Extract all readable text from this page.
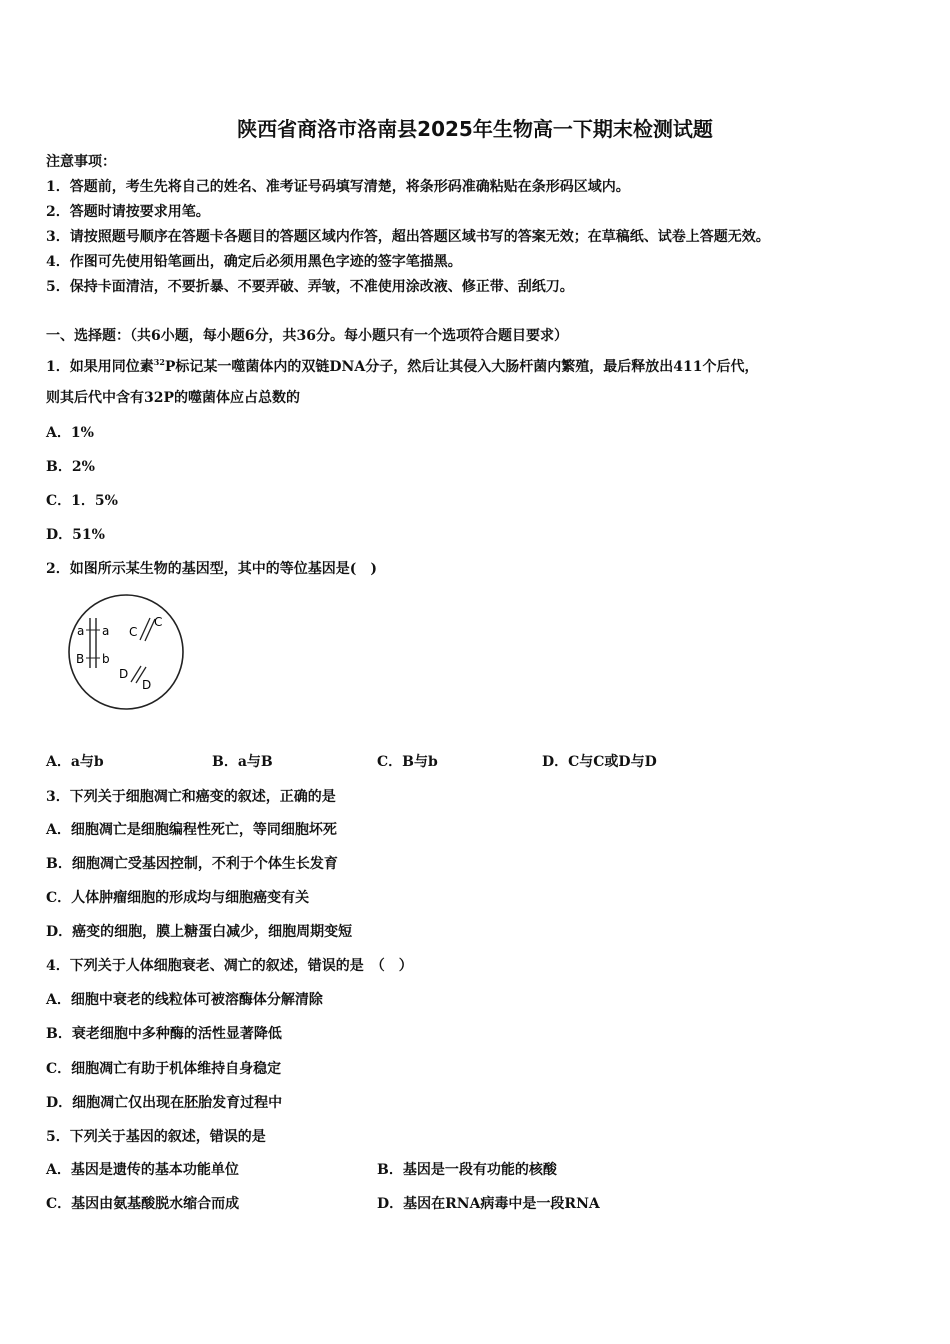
陕西省商洛市洛南县2025年生物高一下期末检测试题
注意事项：
1．答题前，考生先将自己的姓名、准考证号码填写清楚，将条形码准确粘贴在条形码区域内。
2．答题时请按要求用笔。
3．请按照题号顺序在答题卡各题目的答题区域内作答，超出答题区域书写的答案无效；在草稿纸、试卷上答题无效。
4．作图可先使用铅笔画出，确定后必须用黑色字迹的签字笔描黑。
5．保持卡面清洁，不要折暴、不要弄破、弄皱，不准使用涂改液、修正带、刮纸刀。
一、选择题：（共6小题，每小题6分，共36分。每小题只有一个选项符合题目要求）
1．如果用同位素$^{32}$P标记某一噬菌体内的双链DNA分子，然后让其侵入大肠杆菌内繁殖，最后释放出411个后代，
则其后代中含有32P的噬菌体应占总数的
A．1%
B．2%
C．1．5%
D．51%
2．如图所示某生物的基因型，其中的等位基因是(　)
a a
B b
C
C
D
D
A．a与b	B．a与B	C．B与b	D．C与C或D与D
3．下列关于细胞凋亡和癌变的叙述，正确的是
A．细胞凋亡是细胞编程性死亡，等同细胞坏死
B．细胞凋亡受基因控制，不利于个体生长发育
C．人体肿瘤细胞的形成均与细胞癌变有关
D．癌变的细胞，膜上糖蛋白减少，细胞周期变短
4．下列关于人体细胞衰老、凋亡的叙述，错误的是　（　）
A．细胞中衰老的线粒体可被溶酶体分解清除
B．衰老细胞中多种酶的活性显著降低
C．细胞凋亡有助于机体维持自身稳定
D．细胞凋亡仅出现在胚胎发育过程中
5．下列关于基因的叙述，错误的是
A．基因是遗传的基本功能单位	B．基因是一段有功能的核酸
C．基因由氨基酸脱水缩合而成	D．基因在RNA病毒中是一段RNA
